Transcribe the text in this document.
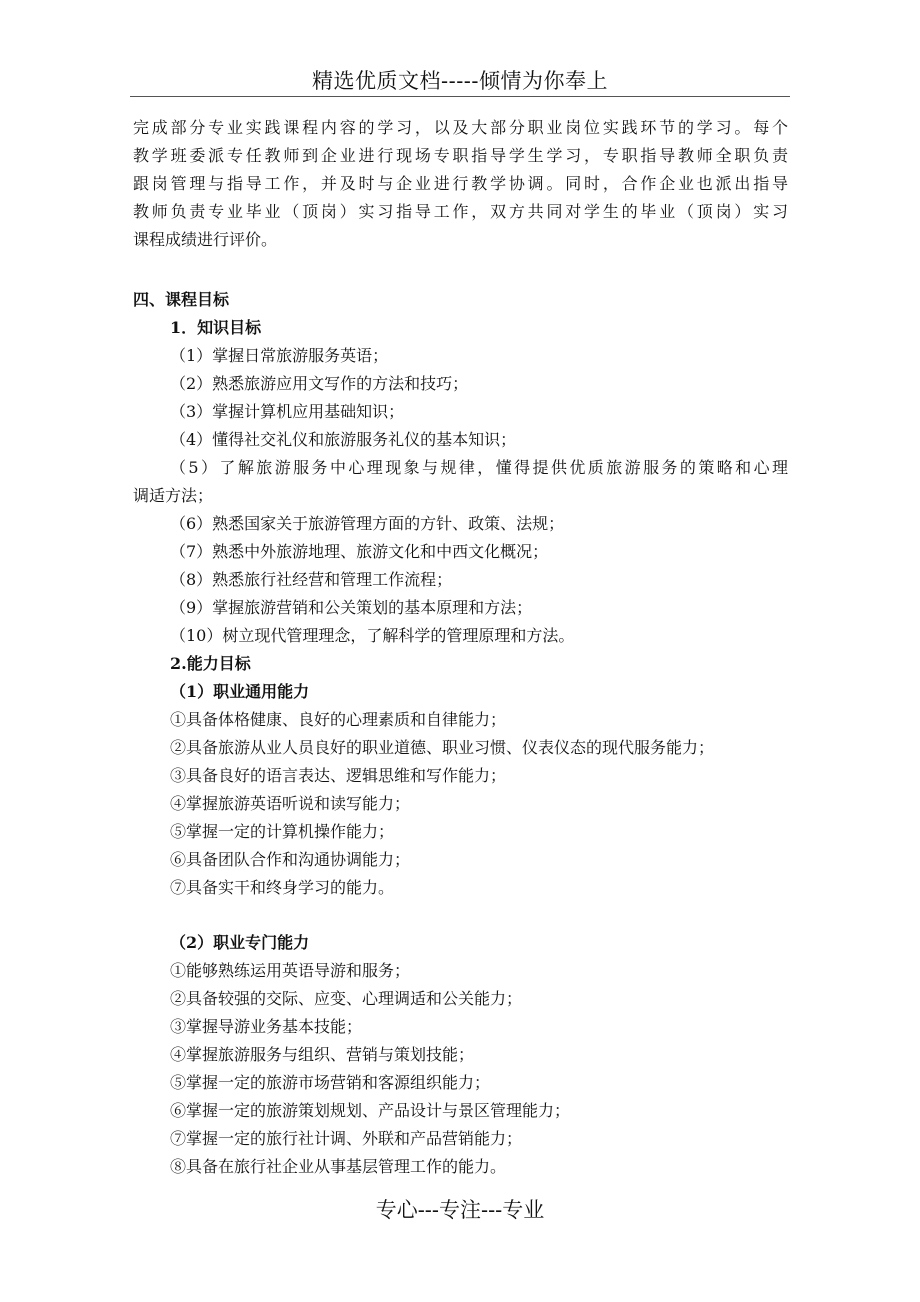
精选优质文档-----倾情为你奉上
完成部分专业实践课程内容的学习，以及大部分职业岗位实践环节的学习。每个
教学班委派专任教师到企业进行现场专职指导学生学习，专职指导教师全职负责
跟岗管理与指导工作，并及时与企业进行教学协调。同时，合作企业也派出指导
教师负责专业毕业（顶岗）实习指导工作，双方共同对学生的毕业（顶岗）实习
课程成绩进行评价。
四、课程目标
1．知识目标
（1）掌握日常旅游服务英语；
（2）熟悉旅游应用文写作的方法和技巧；
（3）掌握计算机应用基础知识；
（4）懂得社交礼仪和旅游服务礼仪的基本知识；
（5）了解旅游服务中心理现象与规律，懂得提供优质旅游服务的策略和心理
调适方法；
（6）熟悉国家关于旅游管理方面的方针、政策、法规；
（7）熟悉中外旅游地理、旅游文化和中西文化概况；
（8）熟悉旅行社经营和管理工作流程；
（9）掌握旅游营销和公关策划的基本原理和方法；
（10）树立现代管理理念，了解科学的管理原理和方法。
2.能力目标
（1）职业通用能力
①具备体格健康、良好的心理素质和自律能力；
②具备旅游从业人员良好的职业道德、职业习惯、仪表仪态的现代服务能力；
③具备良好的语言表达、逻辑思维和写作能力；
④掌握旅游英语听说和读写能力；
⑤掌握一定的计算机操作能力；
⑥具备团队合作和沟通协调能力；
⑦具备实干和终身学习的能力。
（2）职业专门能力
①能够熟练运用英语导游和服务；
②具备较强的交际、应变、心理调适和公关能力；
③掌握导游业务基本技能；
④掌握旅游服务与组织、营销与策划技能；
⑤掌握一定的旅游市场营销和客源组织能力；
⑥掌握一定的旅游策划规划、产品设计与景区管理能力；
⑦掌握一定的旅行社计调、外联和产品营销能力；
⑧具备在旅行社企业从事基层管理工作的能力。
专心---专注---专业
